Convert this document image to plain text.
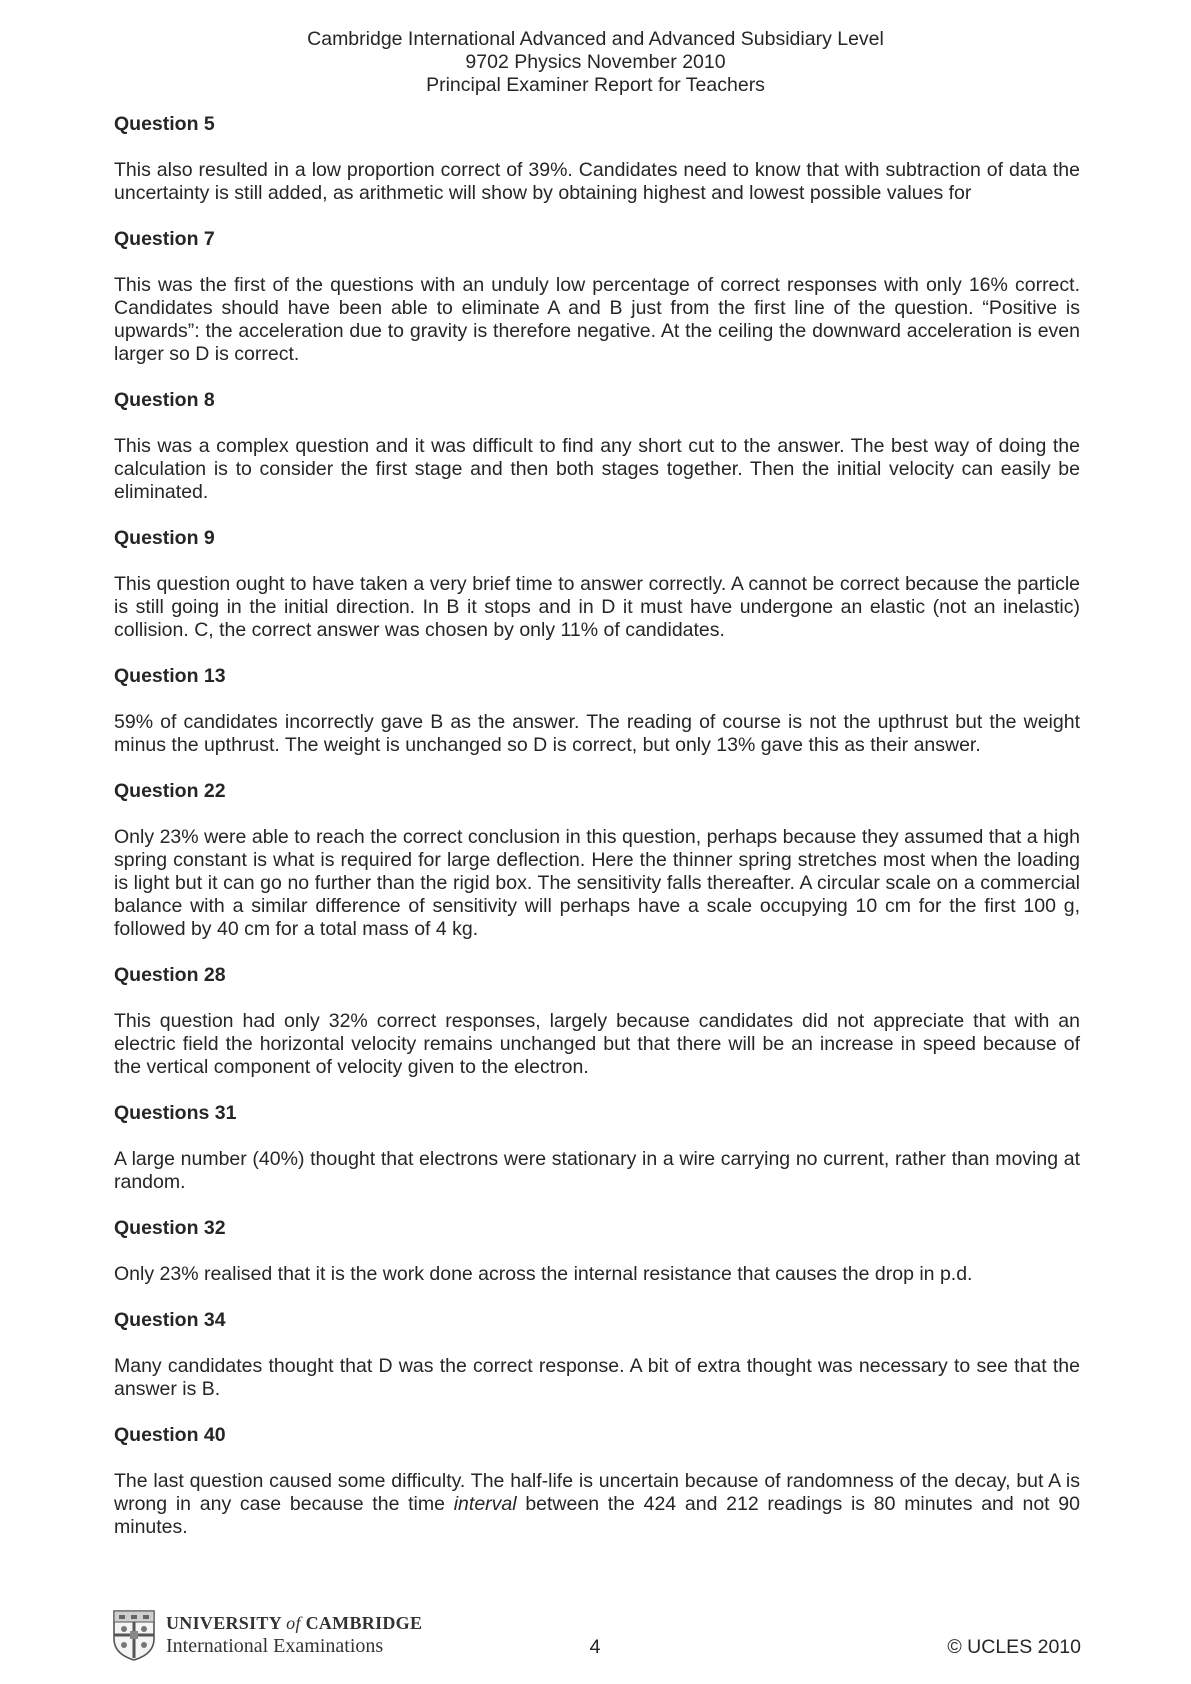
Cambridge International Advanced and Advanced Subsidiary Level
9702 Physics November 2010
Principal Examiner Report for Teachers

Question 5

This also resulted in a low proportion correct of 39%. Candidates need to know that with subtraction of data the uncertainty is still added, as arithmetic will show by obtaining highest and lowest possible values for

Question 7

This was the first of the questions with an unduly low percentage of correct responses with only 16% correct. Candidates should have been able to eliminate A and B just from the first line of the question. “Positive is upwards”: the acceleration due to gravity is therefore negative. At the ceiling the downward acceleration is even larger so D is correct.

Question 8

This was a complex question and it was difficult to find any short cut to the answer. The best way of doing the calculation is to consider the first stage and then both stages together. Then the initial velocity can easily be eliminated.

Question 9

This question ought to have taken a very brief time to answer correctly. A cannot be correct because the particle is still going in the initial direction. In B it stops and in D it must have undergone an elastic (not an inelastic) collision. C, the correct answer was chosen by only 11% of candidates.

Question 13

59% of candidates incorrectly gave B as the answer. The reading of course is not the upthrust but the weight minus the upthrust. The weight is unchanged so D is correct, but only 13% gave this as their answer.

Question 22

Only 23% were able to reach the correct conclusion in this question, perhaps because they assumed that a high spring constant is what is required for large deflection. Here the thinner spring stretches most when the loading is light but it can go no further than the rigid box. The sensitivity falls thereafter. A circular scale on a commercial balance with a similar difference of sensitivity will perhaps have a scale occupying 10 cm for the first 100 g, followed by 40 cm for a total mass of 4 kg.

Question 28

This question had only 32% correct responses, largely because candidates did not appreciate that with an electric field the horizontal velocity remains unchanged but that there will be an increase in speed because of the vertical component of velocity given to the electron.

Questions 31

A large number (40%) thought that electrons were stationary in a wire carrying no current, rather than moving at random.

Question 32

Only 23% realised that it is the work done across the internal resistance that causes the drop in p.d.

Question 34

Many candidates thought that D was the correct response. A bit of extra thought was necessary to see that the answer is B.

Question 40

The last question caused some difficulty. The half-life is uncertain because of randomness of the decay, but A is wrong in any case because the time interval between the 424 and 212 readings is 80 minutes and not 90 minutes.

UNIVERSITY of CAMBRIDGE
International Examinations	4	© UCLES 2010
